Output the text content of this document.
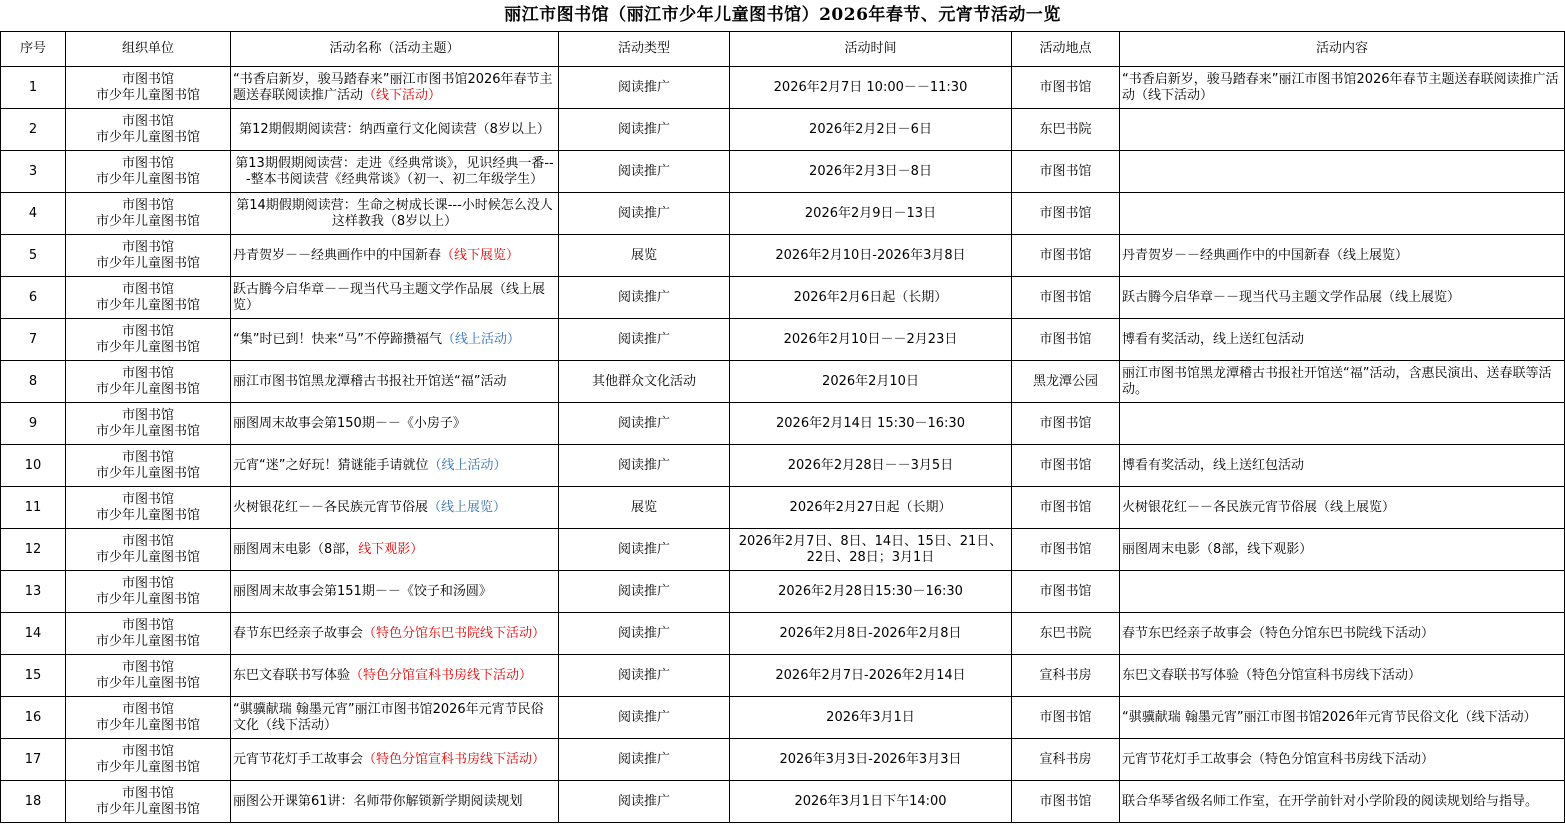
丽江市图书馆（丽江市少年儿童图书馆）2026年春节、元宵节活动一览
序号	组织单位	活动名称（活动主题）	活动类型	活动时间	活动地点	活动内容
1	市图书馆
市少年儿童图书馆	“书香启新岁，骏马踏春来”丽江市图书馆2026年春节主题送春联阅读推广活动（线下活动）	阅读推广	2026年2月7日 10:00－－11:30	市图书馆	“书香启新岁，骏马踏春来”丽江市图书馆2026年春节主题送春联阅读推广活动（线下活动）

2	市图书馆
市少年儿童图书馆	第12期假期阅读营：纳西童行文化阅读营（8岁以上）	阅读推广	2026年2月2日－6日	东巴书院	

3	市图书馆
市少年儿童图书馆	第13期假期阅读营：走进《经典常谈》，见识经典一番---整本书阅读营《经典常谈》（初一、初二年级学生）	阅读推广	2026年2月3日－8日	市图书馆	

4	市图书馆
市少年儿童图书馆	第14期假期阅读营：生命之树成长课---小时候怎么没人这样教我（8岁以上）	阅读推广	2026年2月9日－13日	市图书馆	

5	市图书馆
市少年儿童图书馆	丹青贺岁－－经典画作中的中国新春（线下展览）	展览	2026年2月10日-2026年3月8日	市图书馆	丹青贺岁－－经典画作中的中国新春（线上展览）

6	市图书馆
市少年儿童图书馆	跃古腾今启华章－－现当代马主题文学作品展（线上展览）	阅读推广	2026年2月6日起（长期）	市图书馆	跃古腾今启华章－－现当代马主题文学作品展（线上展览）

7	市图书馆
市少年儿童图书馆	“集”时已到！快来“马”不停蹄攒福气（线上活动）	阅读推广	2026年2月10日－－2月23日	市图书馆	博看有奖活动，线上送红包活动

8	市图书馆
市少年儿童图书馆	丽江市图书馆黑龙潭稽古书报社开馆送“福”活动	其他群众文化活动	2026年2月10日	黑龙潭公园	丽江市图书馆黑龙潭稽古书报社开馆送“福”活动，含惠民演出、送春联等活动。

9	市图书馆
市少年儿童图书馆	丽图周末故事会第150期－－《小房子》	阅读推广	2026年2月14日 15:30－16:30	市图书馆	

10	市图书馆
市少年儿童图书馆	元宵“迷”之好玩！猜谜能手请就位（线上活动）	阅读推广	2026年2月28日－－3月5日	市图书馆	博看有奖活动，线上送红包活动

11	市图书馆
市少年儿童图书馆	火树银花红－－各民族元宵节俗展（线上展览）	展览	2026年2月27日起（长期）	市图书馆	火树银花红－－各民族元宵节俗展（线上展览）

12	市图书馆
市少年儿童图书馆	丽图周末电影（8部，线下观影）	阅读推广	2026年2月7日、8日、14日、15日、21日、22日、28日；3月1日	市图书馆	丽图周末电影（8部，线下观影）

13	市图书馆
市少年儿童图书馆	丽图周末故事会第151期－－《饺子和汤圆》	阅读推广	2026年2月28日15:30－16:30	市图书馆	

14	市图书馆
市少年儿童图书馆	春节东巴经亲子故事会（特色分馆东巴书院线下活动）	阅读推广	2026年2月8日-2026年2月8日	东巴书院	春节东巴经亲子故事会（特色分馆东巴书院线下活动）

15	市图书馆
市少年儿童图书馆	东巴文春联书写体验（特色分馆宣科书房线下活动）	阅读推广	2026年2月7日-2026年2月14日	宣科书房	东巴文春联书写体验（特色分馆宣科书房线下活动）

16	市图书馆
市少年儿童图书馆	“骐骥献瑞 翰墨元宵”丽江市图书馆2026年元宵节民俗文化（线下活动）	阅读推广	2026年3月1日	市图书馆	“骐骥献瑞 翰墨元宵”丽江市图书馆2026年元宵节民俗文化（线下活动）

17	市图书馆
市少年儿童图书馆	元宵节花灯手工故事会（特色分馆宣科书房线下活动）	阅读推广	2026年3月3日-2026年3月3日	宣科书房	元宵节花灯手工故事会（特色分馆宣科书房线下活动）

18	市图书馆
市少年儿童图书馆	丽图公开课第61讲：名师带你解锁新学期阅读规划	阅读推广	2026年3月1日下午14:00	市图书馆	联合华琴省级名师工作室，在开学前针对小学阶段的阅读规划给与指导。
